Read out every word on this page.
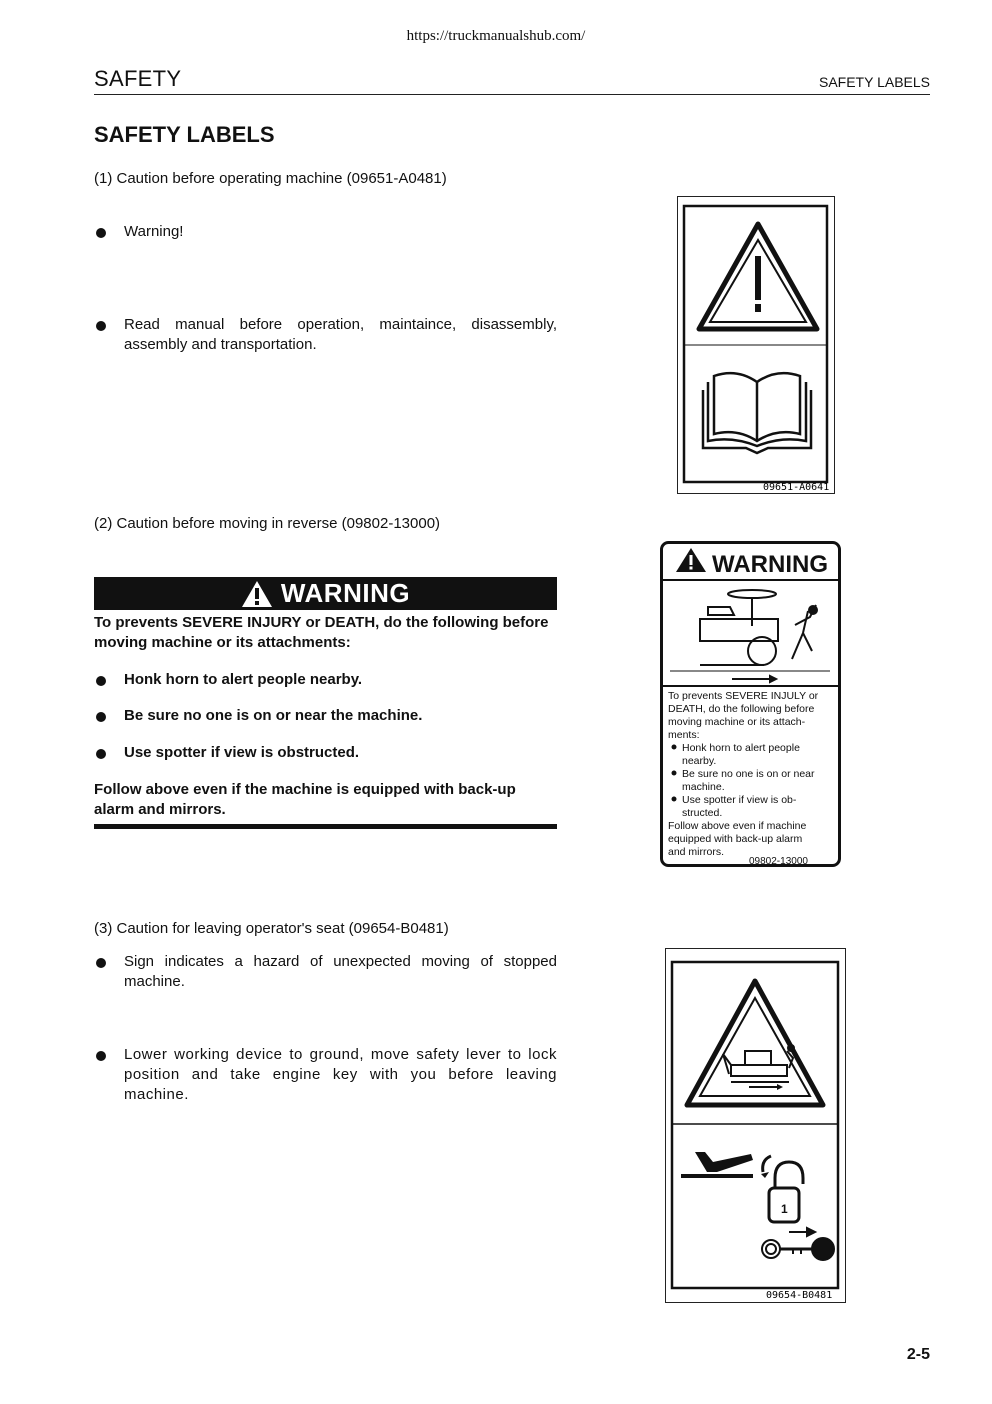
https://truckmanualshub.com/
SAFETY	SAFETY LABELS
SAFETY LABELS
(1) Caution before operating machine (09651-A0481)
Warning!
Read manual before operation, maintaince, disassembly, assembly and transportation.
09651-A0641
(2) Caution before moving in reverse (09802-13000)
WARNING
To prevents SEVERE INJURY or DEATH, do the following before moving machine or its attachments:
Honk horn to alert people nearby.
Be sure no one is on or near the machine.
Use spotter if view is obstructed.
Follow above even if the machine is equipped with back-up alarm and mirrors.
WARNING
To prevents SEVERE INJULY or
DEATH, do the following before
moving machine or its attach-
ments:
Honk horn to alert people
nearby.
Be sure no one is on or near
machine.
Use spotter if view is ob-
structed.
Follow above even if machine
equipped with back-up alarm
and mirrors.
09802-13000
(3) Caution for leaving operator's seat (09654-B0481)
Sign indicates a hazard of unexpected moving of stopped machine.
Lower working device to ground, move safety lever to lock position and take engine key with you before leaving machine.
1
09654-B0481
2-5
